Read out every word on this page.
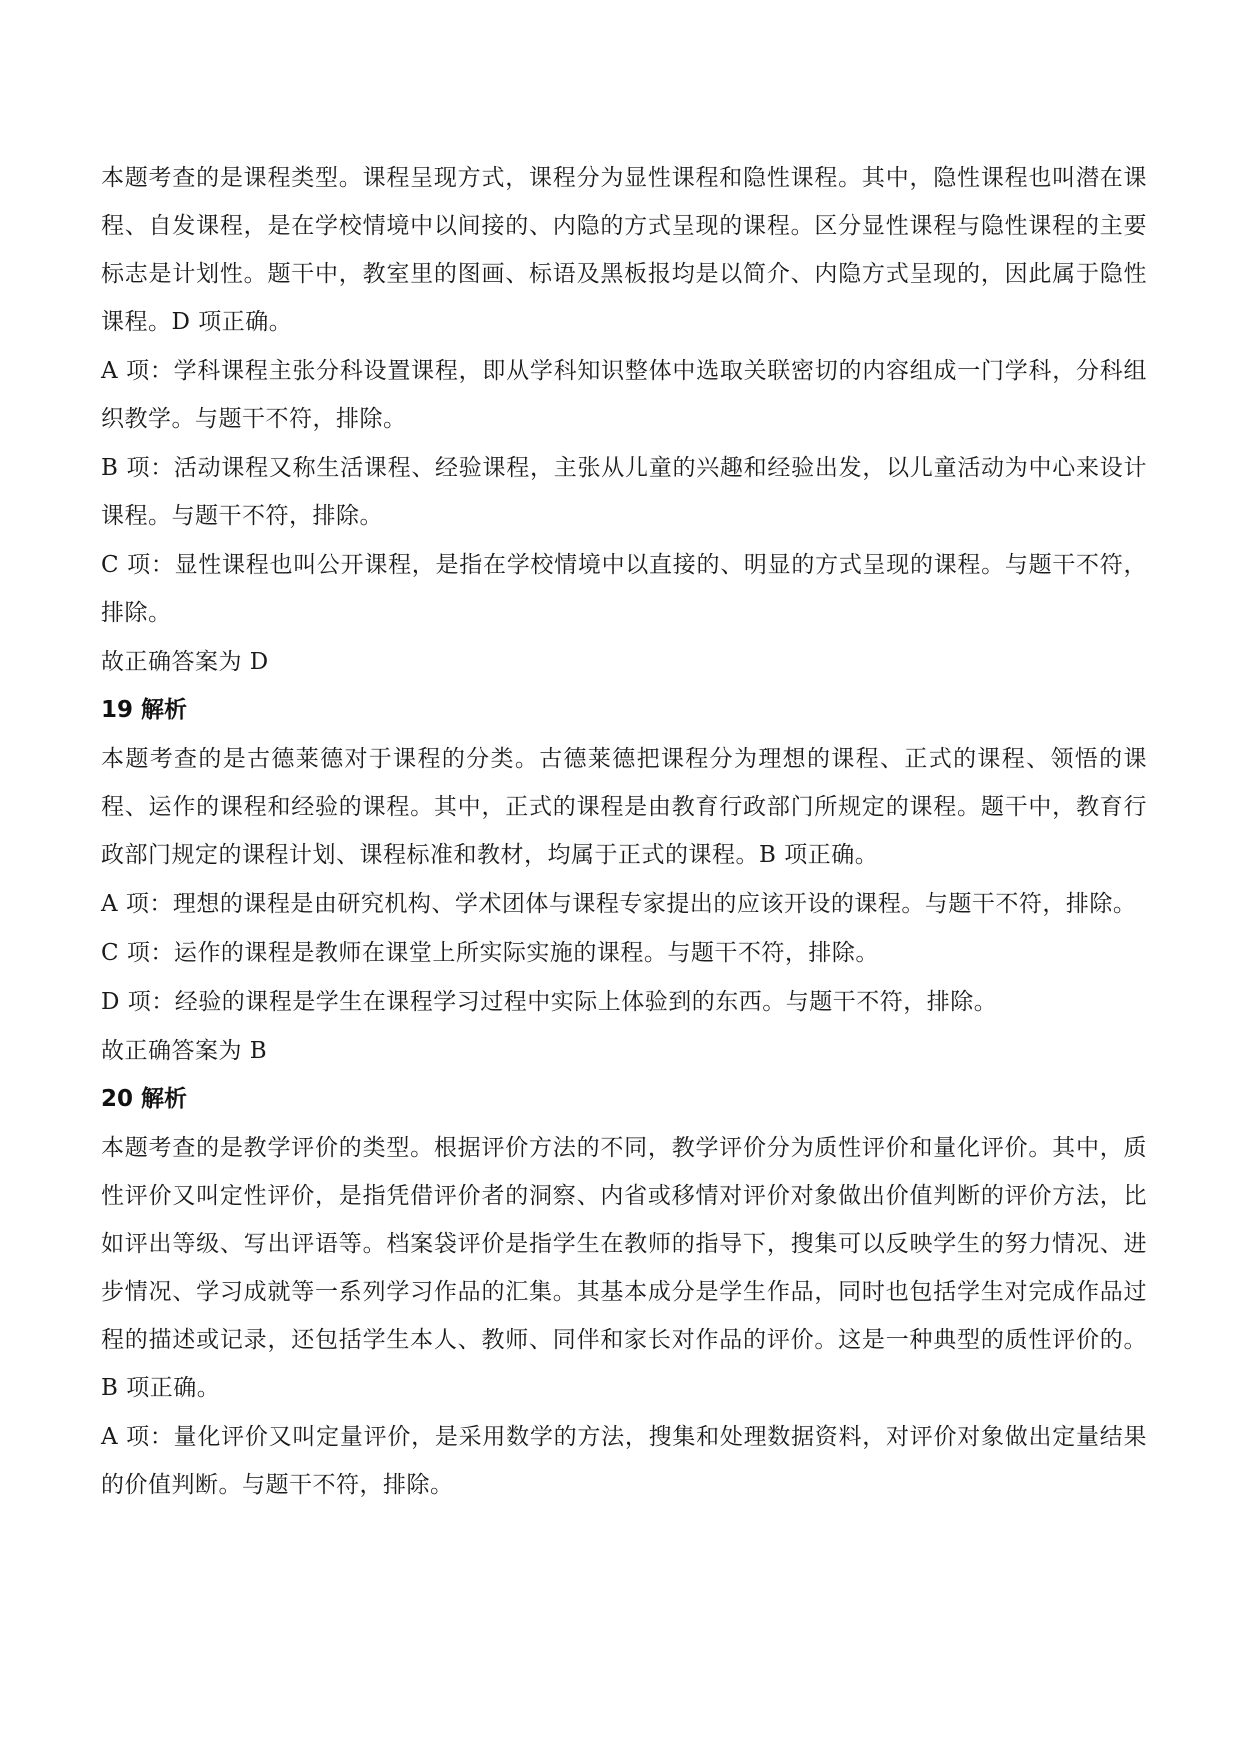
本题考查的是课程类型。课程呈现方式，课程分为显性课程和隐性课程。其中，隐性课程也叫潜在课程、自发课程，是在学校情境中以间接的、内隐的方式呈现的课程。区分显性课程与隐性课程的主要标志是计划性。题干中，教室里的图画、标语及黑板报均是以简介、内隐方式呈现的，因此属于隐性课程。D 项正确。

A 项：学科课程主张分科设置课程，即从学科知识整体中选取关联密切的内容组成一门学科，分科组织教学。与题干不符，排除。

B 项：活动课程又称生活课程、经验课程，主张从儿童的兴趣和经验出发，以儿童活动为中心来设计课程。与题干不符，排除。

C 项：显性课程也叫公开课程，是指在学校情境中以直接的、明显的方式呈现的课程。与题干不符，排除。

故正确答案为 D

19 解析

本题考查的是古德莱德对于课程的分类。古德莱德把课程分为理想的课程、正式的课程、领悟的课程、运作的课程和经验的课程。其中，正式的课程是由教育行政部门所规定的课程。题干中，教育行政部门规定的课程计划、课程标准和教材，均属于正式的课程。B 项正确。

A 项：理想的课程是由研究机构、学术团体与课程专家提出的应该开设的课程。与题干不符，排除。

C 项：运作的课程是教师在课堂上所实际实施的课程。与题干不符，排除。

D 项：经验的课程是学生在课程学习过程中实际上体验到的东西。与题干不符，排除。

故正确答案为 B

20 解析

本题考查的是教学评价的类型。根据评价方法的不同，教学评价分为质性评价和量化评价。其中，质性评价又叫定性评价，是指凭借评价者的洞察、内省或移情对评价对象做出价值判断的评价方法，比如评出等级、写出评语等。档案袋评价是指学生在教师的指导下，搜集可以反映学生的努力情况、进步情况、学习成就等一系列学习作品的汇集。其基本成分是学生作品，同时也包括学生对完成作品过程的描述或记录，还包括学生本人、教师、同伴和家长对作品的评价。这是一种典型的质性评价的。B 项正确。

A 项：量化评价又叫定量评价，是采用数学的方法，搜集和处理数据资料，对评价对象做出定量结果的价值判断。与题干不符，排除。
